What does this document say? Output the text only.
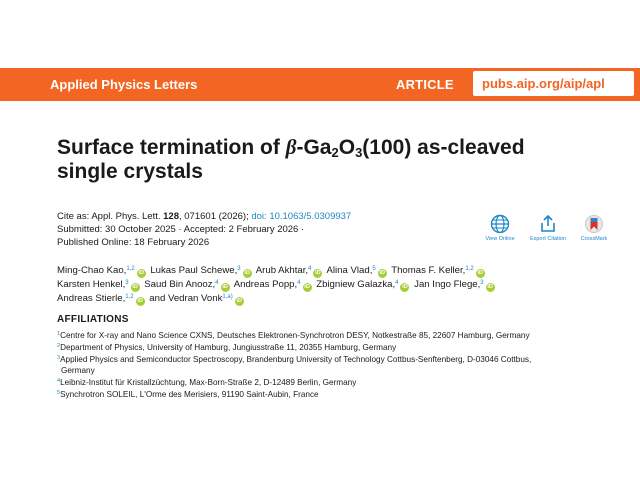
Applied Physics Letters	ARTICLE pubs.aip.org/aip/apl
Surface termination of $\beta-Ga_2O_3(100)$ as-cleaved
single crystals
Cite as: Appl. Phys. Lett. 128, 071601 (2026); doi: 10.1063/5.0309937
Submitted: 30 October 2025 · Accepted: 2 February 2026 ·
Published Online: 18 February 2026	View Online	Export Citation	CrossMark
Ming-Chao Kao,$^{1,2}$iD Lukas Paul Schewe,$^3$iD Arub Akhtar,$^4$iD Alina Vlad,$^5$iD Thomas F. Keller,$^{1,2}$iD
Karsten Henkel,$^3$iD Saud Bin Anooz,$^4$iD Andreas Popp,$^4$iD Zbigniew Galazka,$^4$iD Jan Ingo Flege,$^3$iD
Andreas Stierle,$^{1,2}$iD and Vedran Vonk$^{1,a)}$iD
AFFILIATIONS
$^1$Centre for X-ray and Nano Science CXNS, Deutsches Elektronen-Synchrotron DESY, Notkestraße 85, 22607 Hamburg, Germany
$^2$Department of Physics, University of Hamburg, Jungiusstraße 11, 20355 Hamburg, Germany
$^3$Applied Physics and Semiconductor Spectroscopy, Brandenburg University of Technology Cottbus-Senftenberg, D-03046 Cottbus,
Germany
$^4$Leibniz-Institut für Kristallzüchtung, Max-Born-Straße 2, D-12489 Berlin, Germany
$^5$Synchrotron SOLEIL, L'Orme des Merisiers, 91190 Saint-Aubin, France
